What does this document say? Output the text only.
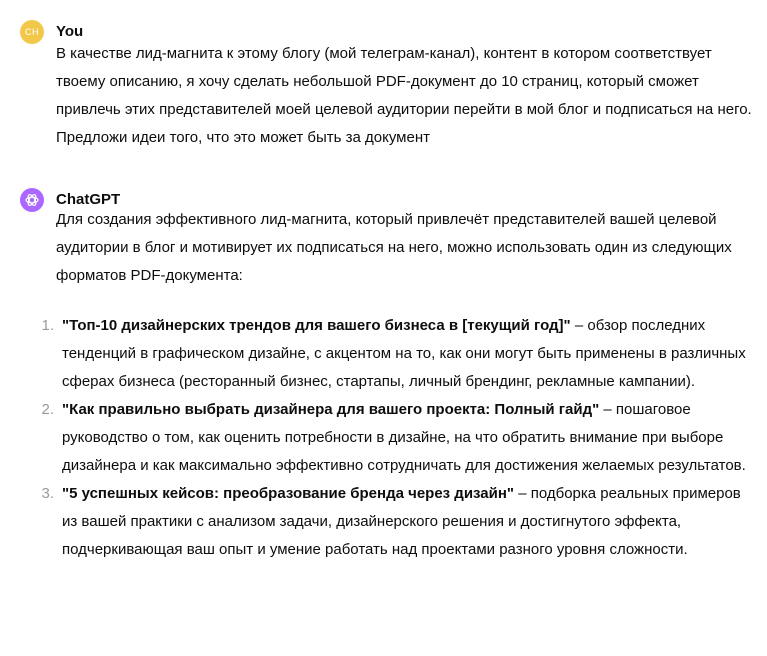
CH You
В качестве лид-магнита к этому блогу (мой телеграм-канал), контент в котором соответствует твоему описанию, я хочу сделать небольшой PDF-документ до 10 страниц, который сможет привлечь этих представителей моей целевой аудитории перейти в мой блог и подписаться на него. Предложи идеи того, что это может быть за документ
ChatGPT
Для создания эффективного лид-магнита, который привлечёт представителей вашей целевой аудитории в блог и мотивирует их подписаться на него, можно использовать один из следующих форматов PDF-документа:
1. "Топ-10 дизайнерских трендов для вашего бизнеса в [текущий год]" – обзор последних тенденций в графическом дизайне, с акцентом на то, как они могут быть применены в различных сферах бизнеса (ресторанный бизнес, стартапы, личный брендинг, рекламные кампании).
2. "Как правильно выбрать дизайнера для вашего проекта: Полный гайд" – пошаговое руководство о том, как оценить потребности в дизайне, на что обратить внимание при выборе дизайнера и как максимально эффективно сотрудничать для достижения желаемых результатов.
3. "5 успешных кейсов: преобразование бренда через дизайн" – подборка реальных примеров из вашей практики с анализом задачи, дизайнерского решения и достигнутого эффекта, подчеркивающая ваш опыт и умение работать над проектами разного уровня сложности.
